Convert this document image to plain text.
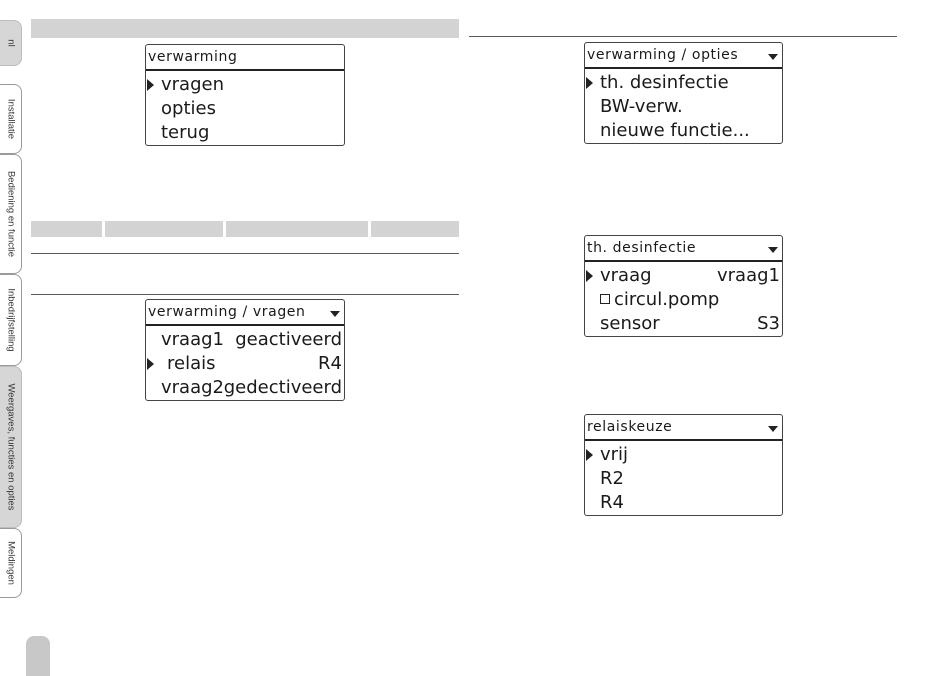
nl
Installatie
Bediening en functie
Inbedrijfstelling
Weergaves, functies en opties
Meldingen
verwarming
vragen
opties
terug
verwarming / vragen
vraag1 geactiveerd
relais	R4
vraag2 gedectiveerd
verwarming / opties
th. desinfectie
BW-verw.
nieuwe functie...
th. desinfectie
vraag	vraag1
circul.pomp
sensor	S3
relaiskeuze
vrij
R2
R4
